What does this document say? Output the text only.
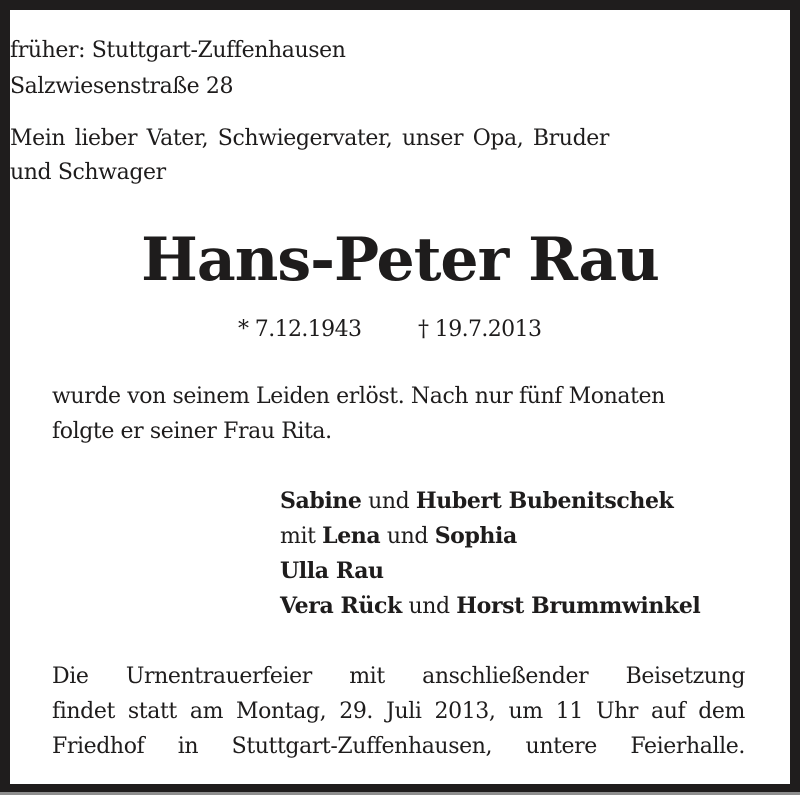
früher: Stuttgart-Zuffenhausen
Salzwiesenstraße 28
Mein lieber Vater, Schwiegervater, unser Opa, Bruder
und Schwager
Hans-Peter Rau
* 7.12.1943	† 19.7.2013
wurde von seinem Leiden erlöst. Nach nur fünf Monaten
folgte er seiner Frau Rita.
Sabine und Hubert Bubenitschek
mit Lena und Sophia
Ulla Rau
Vera Rück und Horst Brummwinkel
Die Urnentrauerfeier mit anschließender Beisetzung
findet statt am Montag, 29. Juli 2013, um 11 Uhr auf dem
Friedhof in Stuttgart-Zuffenhausen, untere Feierhalle.
